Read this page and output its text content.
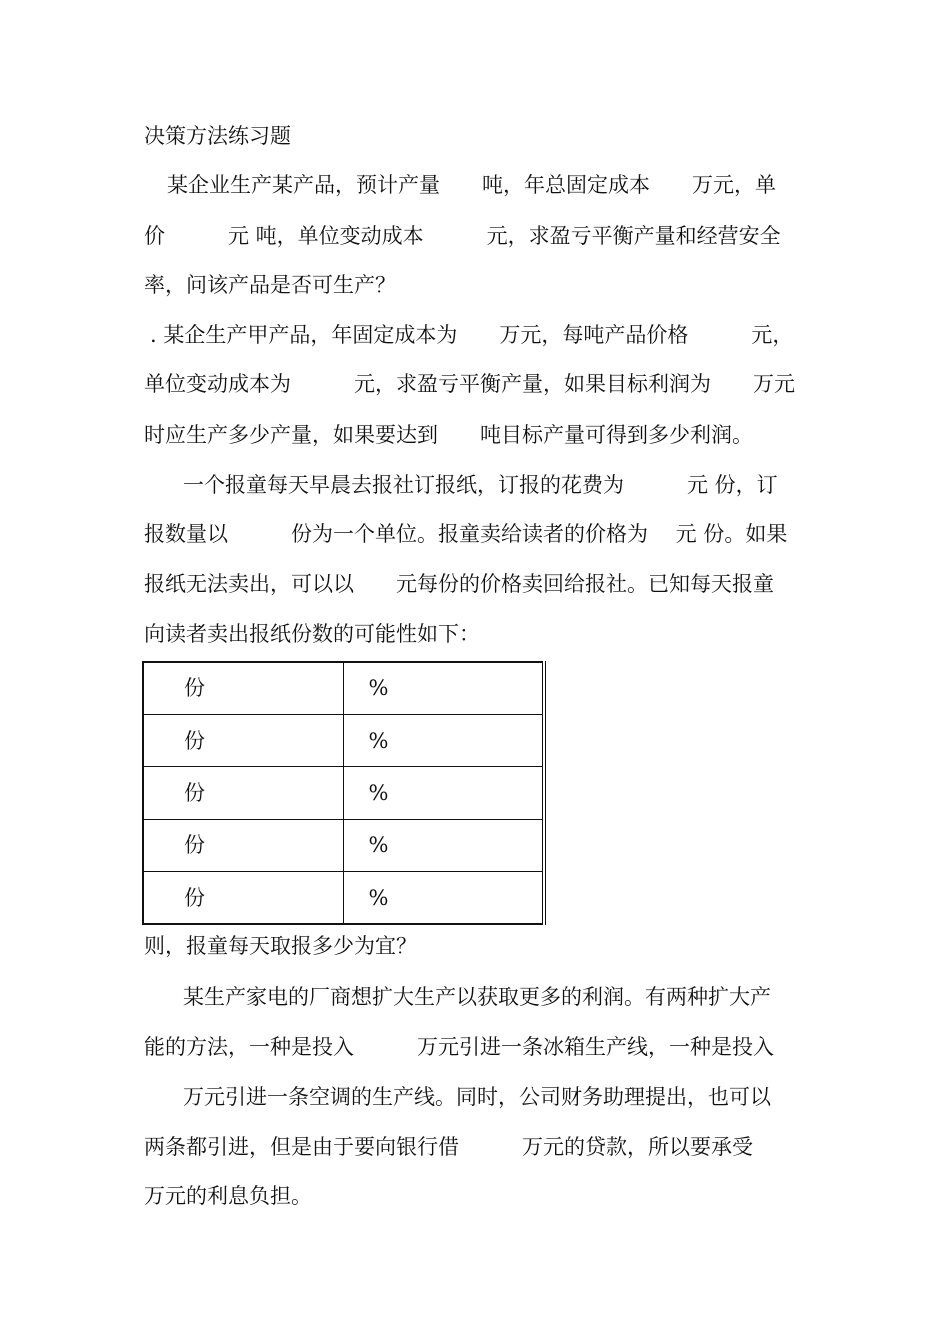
决策方法练习题

某企业生产某产品，预计产量　　吨，年总固定成本　　万元，单

价　　　元 吨，单位变动成本　　　元，求盈亏平衡产量和经营安全

率，问该产品是否可生产？

. 某企生产甲产品，年固定成本为　　万元，每吨产品价格　　　元，

单位变动成本为　　　元，求盈亏平衡产量，如果目标利润为　　万元

时应生产多少产量，如果要达到　　吨目标产量可得到多少利润。

一个报童每天早晨去报社订报纸，订报的花费为　　　元 份，订

报数量以　　　份为一个单位。报童卖给读者的价格为　 元 份。如果

报纸无法卖出，可以以　　元每份的价格卖回给报社。已知每天报童

向读者卖出报纸份数的可能性如下：

份	%
份	%
份	%
份	%
份	%

则，报童每天取报多少为宜？

某生产家电的厂商想扩大生产以获取更多的利润。有两种扩大产

能的方法，一种是投入　　　万元引进一条冰箱生产线，一种是投入

万元引进一条空调的生产线。同时，公司财务助理提出，也可以

两条都引进，但是由于要向银行借　　　万元的贷款，所以要承受

万元的利息负担。
